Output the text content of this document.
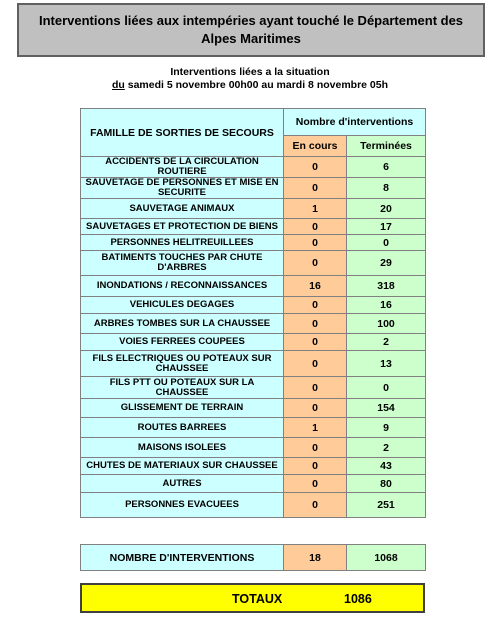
Interventions liées aux intempéries ayant touché le Département des Alpes Maritimes
Interventions liées a la situation
du samedi 5 novembre 00h00 au mardi 8 novembre 05h
FAMILLE DE SORTIES DE SECOURS	Nombre d'interventions	
	En cours	Terminées
ACCIDENTS DE LA CIRCULATION ROUTIERE	0	6
SAUVETAGE DE PERSONNES ET MISE EN SECURITE	0	8
SAUVETAGE ANIMAUX	1	20
SAUVETAGES ET PROTECTION DE BIENS	0	17
PERSONNES HELITREUILLEES	0	0
BATIMENTS TOUCHES PAR CHUTE D'ARBRES	0	29
INONDATIONS / RECONNAISSANCES	16	318
VEHICULES DEGAGES	0	16
ARBRES TOMBES SUR LA CHAUSSEE	0	100
VOIES FERREES COUPEES	0	2
FILS ELECTRIQUES OU POTEAUX SUR CHAUSSEE	0	13
FILS PTT OU POTEAUX SUR LA CHAUSSEE	0	0
GLISSEMENT DE TERRAIN	0	154
ROUTES BARREES	1	9
MAISONS ISOLEES	0	2
CHUTES DE MATERIAUX SUR CHAUSSEE	0	43
AUTRES	0	80
PERSONNES EVACUEES	0	251
NOMBRE D'INTERVENTIONS	18	1068
TOTAUX	1086
